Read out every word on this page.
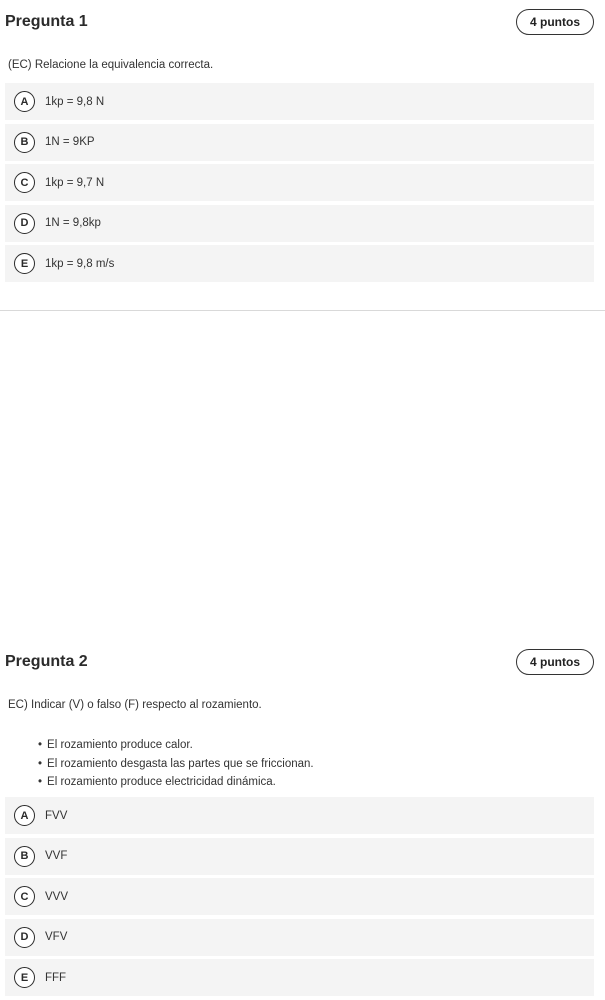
Pregunta 1	4 puntos
(EC) Relacione la equivalencia correcta.
A	1kp = 9,8 N
B	1N = 9KP
C	1kp = 9,7 N
D	1N = 9,8kp
E	1kp = 9,8 m/s
Pregunta 2	4 puntos
EC) Indicar (V) o falso (F) respecto al rozamiento.
• El rozamiento produce calor.
• El rozamiento desgasta las partes que se friccionan.
• El rozamiento produce electricidad dinámica.
A	FVV
B	VVF
C	VVV
D	VFV
E	FFF
